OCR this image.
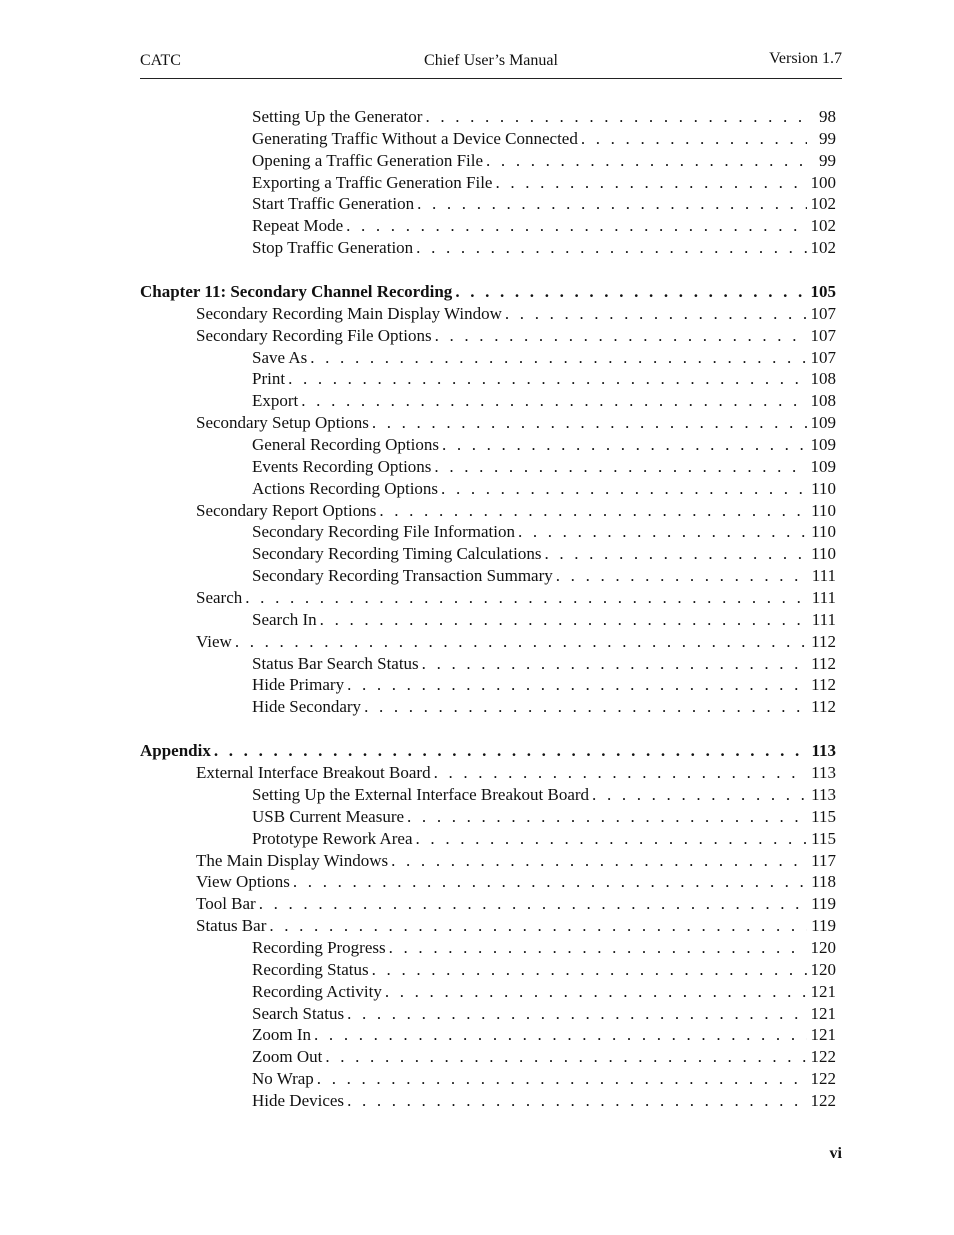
CATC	Chief User’s Manual	Version 1.7
Setting Up the Generator . . .	98
Generating Traffic Without a Device Connected . . .	99
Opening a Traffic Generation File . . .	99
Exporting a Traffic Generation File . . .	100
Start Traffic Generation . . .	102
Repeat Mode . . .	102
Stop Traffic Generation . . .	102
Chapter 11: Secondary Channel Recording . . .	105
Secondary Recording Main Display Window . . .	107
Secondary Recording File Options . . .	107
Save As . . .	107
Print . . .	108
Export . . .	108
Secondary Setup Options . . .	109
General Recording Options . . .	109
Events Recording Options . . .	109
Actions Recording Options . . .	110
Secondary Report Options . . .	110
Secondary Recording File Information . . .	110
Secondary Recording Timing Calculations . . .	110
Secondary Recording Transaction Summary . . .	111
Search . . .	111
Search In . . .	111
View . . .	112
Status Bar Search Status . . .	112
Hide Primary . . .	112
Hide Secondary . . .	112
Appendix . . .	113
External Interface Breakout Board . . .	113
Setting Up the External Interface Breakout Board . . .	113
USB Current Measure . . .	115
Prototype Rework Area . . .	115
The Main Display Windows . . .	117
View Options . . .	118
Tool Bar . . .	119
Status Bar . . .	119
Recording Progress . . .	120
Recording Status . . .	120
Recording Activity . . .	121
Search Status . . .	121
Zoom In . . .	121
Zoom Out . . .	122
No Wrap . . .	122
Hide Devices . . .	122
vi
